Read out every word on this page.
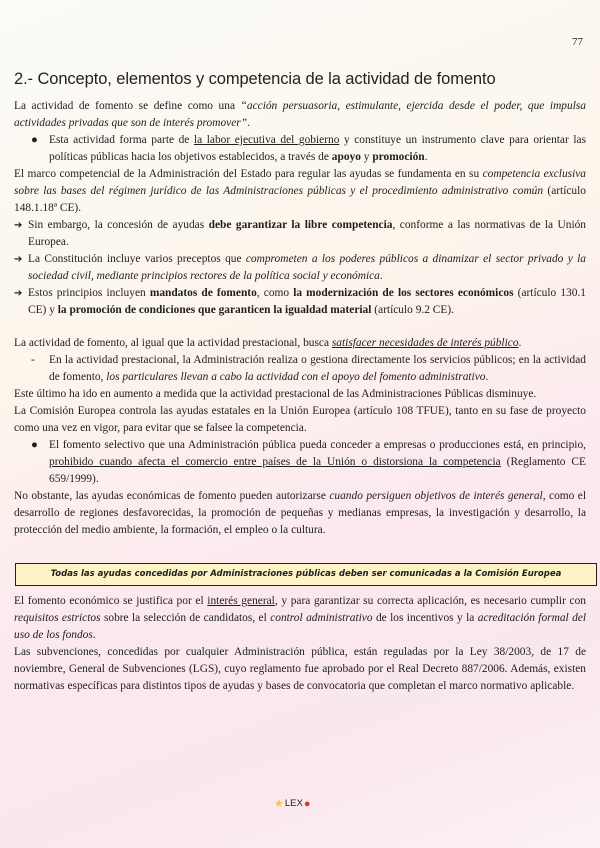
77
2.- Concepto, elementos y competencia de la actividad de fomento

La actividad de fomento se define como una “acción persuasoria, estimulante, ejercida desde el poder, que impulsa actividades privadas que son de interés promover”.

● Esta actividad forma parte de la labor ejecutiva del gobierno y constituye un instrumento clave para orientar las políticas públicas hacia los objetivos establecidos, a través de apoyo y promoción.

El marco competencial de la Administración del Estado para regular las ayudas se fundamenta en su competencia exclusiva sobre las bases del régimen jurídico de las Administraciones públicas y el procedimiento administrativo común (artículo 148.1.18ª CE).

➔ Sin embargo, la concesión de ayudas debe garantizar la libre competencia, conforme a las normativas de la Unión Europea.

➔ La Constitución incluye varios preceptos que comprometen a los poderes públicos a dinamizar el sector privado y la sociedad civil, mediante principios rectores de la política social y económica.

➔ Estos principios incluyen mandatos de fomento, como la modernización de los sectores económicos (artículo 130.1 CE) y la promoción de condiciones que garanticen la igualdad material (artículo 9.2 CE).

La actividad de fomento, al igual que la actividad prestacional, busca satisfacer necesidades de interés público.

- En la actividad prestacional, la Administración realiza o gestiona directamente los servicios públicos; en la actividad de fomento, los particulares llevan a cabo la actividad con el apoyo del fomento administrativo.

Este último ha ido en aumento a medida que la actividad prestacional de las Administraciones Públicas disminuye.

La Comisión Europea controla las ayudas estatales en la Unión Europea (artículo 108 TFUE), tanto en su fase de proyecto como una vez en vigor, para evitar que se falsee la competencia.

● El fomento selectivo que una Administración pública pueda conceder a empresas o producciones está, en principio, prohibido cuando afecta el comercio entre países de la Unión o distorsiona la competencia (Reglamento CE 659/1999).

No obstante, las ayudas económicas de fomento pueden autorizarse cuando persiguen objetivos de interés general, como el desarrollo de regiones desfavorecidas, la promoción de pequeñas y medianas empresas, la investigación y desarrollo, la protección del medio ambiente, la formación, el empleo o la cultura.

Todas las ayudas concedidas por Administraciones públicas deben ser comunicadas a la Comisión Europea

El fomento económico se justifica por el interés general, y para garantizar su correcta aplicación, es necesario cumplir con requisitos estrictos sobre la selección de candidatos, el control administrativo de los incentivos y la acreditación formal del uso de los fondos.

Las subvenciones, concedidas por cualquier Administración pública, están reguladas por la Ley 38/2003, de 17 de noviembre, General de Subvenciones (LGS), cuyo reglamento fue aprobado por el Real Decreto 887/2006. Además, existen normativas específicas para distintos tipos de ayudas y bases de convocatoria que completan el marco normativo aplicable.

★ LEX ●
